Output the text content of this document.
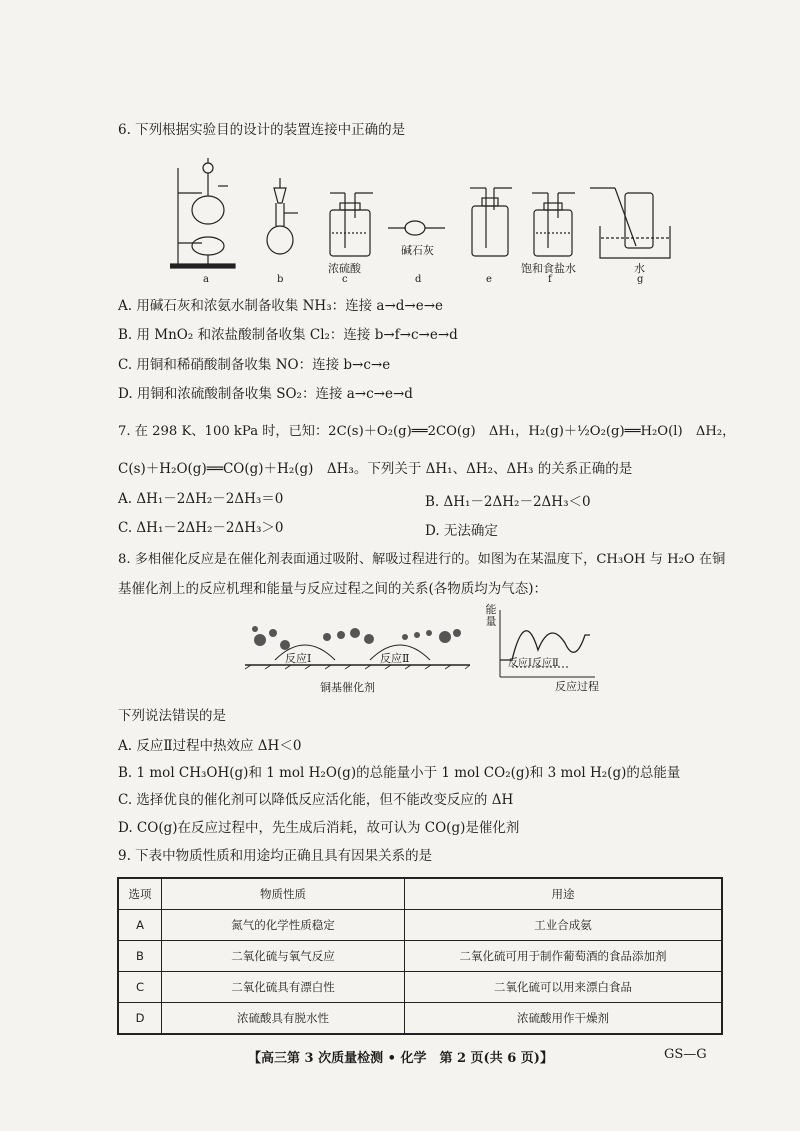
6. 下列根据实验目的设计的装置连接中正确的是
a	b
浓硫酸
c
碱石灰
d	e
饱和食盐水
f
水
g
A. 用碱石灰和浓氨水制备收集 NH₃：连接 a→d→e→e
B. 用 MnO₂ 和浓盐酸制备收集 Cl₂：连接 b→f→c→e→d
C. 用铜和稀硝酸制备收集 NO：连接 b→c→e
D. 用铜和浓硫酸制备收集 SO₂：连接 a→c→e→d
7. 在 298 K、100 kPa 时，已知：2C(s)＋O₂(g)══2CO(g)　ΔH₁，H₂(g)＋½O₂(g)══H₂O(l)　ΔH₂，
C(s)＋H₂O(g)══CO(g)＋H₂(g)　ΔH₃。下列关于 ΔH₁、ΔH₂、ΔH₃ 的关系正确的是
A. ΔH₁－2ΔH₂－2ΔH₃＝0	B. ΔH₁－2ΔH₂－2ΔH₃＜0
C. ΔH₁－2ΔH₂－2ΔH₃＞0	D. 无法确定
8. 多相催化反应是在催化剂表面通过吸附、解吸过程进行的。如图为在某温度下，CH₃OH 与 H₂O 在铜
基催化剂上的反应机理和能量与反应过程之间的关系(各物质均为气态)：
反应Ⅰ	反应Ⅱ
铜基催化剂
能量
反应Ⅰ反应Ⅱ
反应过程
下列说法错误的是
A. 反应Ⅱ过程中热效应 ΔH＜0
B. 1 mol CH₃OH(g)和 1 mol H₂O(g)的总能量小于 1 mol CO₂(g)和 3 mol H₂(g)的总能量
C. 选择优良的催化剂可以降低反应活化能，但不能改变反应的 ΔH
D. CO(g)在反应过程中，先生成后消耗，故可认为 CO(g)是催化剂
9. 下表中物质性质和用途均正确且具有因果关系的是
选项	物质性质	用途
A	氮气的化学性质稳定	工业合成氨
B	二氧化硫与氧气反应	二氧化硫可用于制作葡萄酒的食品添加剂
C	二氧化硫具有漂白性	二氧化硫可以用来漂白食品
D	浓硫酸具有脱水性	浓硫酸用作干燥剂
【高三第 3 次质量检测 • 化学　第 2 页(共 6 页)】	GS—G
